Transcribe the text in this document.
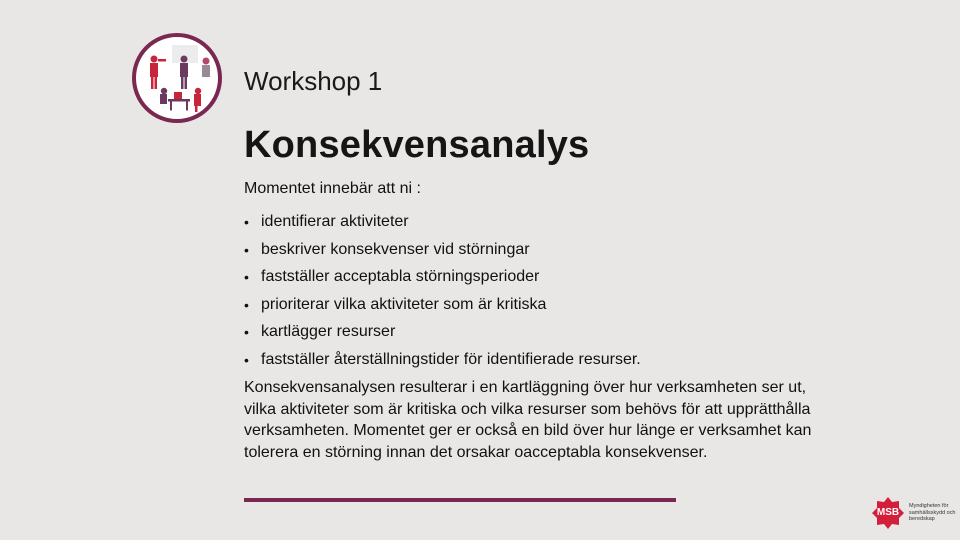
Workshop 1
Konsekvensanalys
Momentet innebär att ni :
• identifierar aktiviteter
• beskriver konsekvenser vid störningar
• fastställer acceptabla störningsperioder
• prioriterar vilka aktiviteter som är kritiska
• kartlägger resurser
• fastställer återställningstider för identifierade resurser.
Konsekvensanalysen resulterar i en kartläggning över hur verksamheten ser ut, vilka aktiviteter som är kritiska och vilka resurser som behövs för att upprätthålla verksamheten. Momentet ger er också en bild över hur länge er verksamhet kan tolerera en störning innan det orsakar oacceptabla konsekvenser.
MSB
Myndigheten för samhällsskydd och beredskap
